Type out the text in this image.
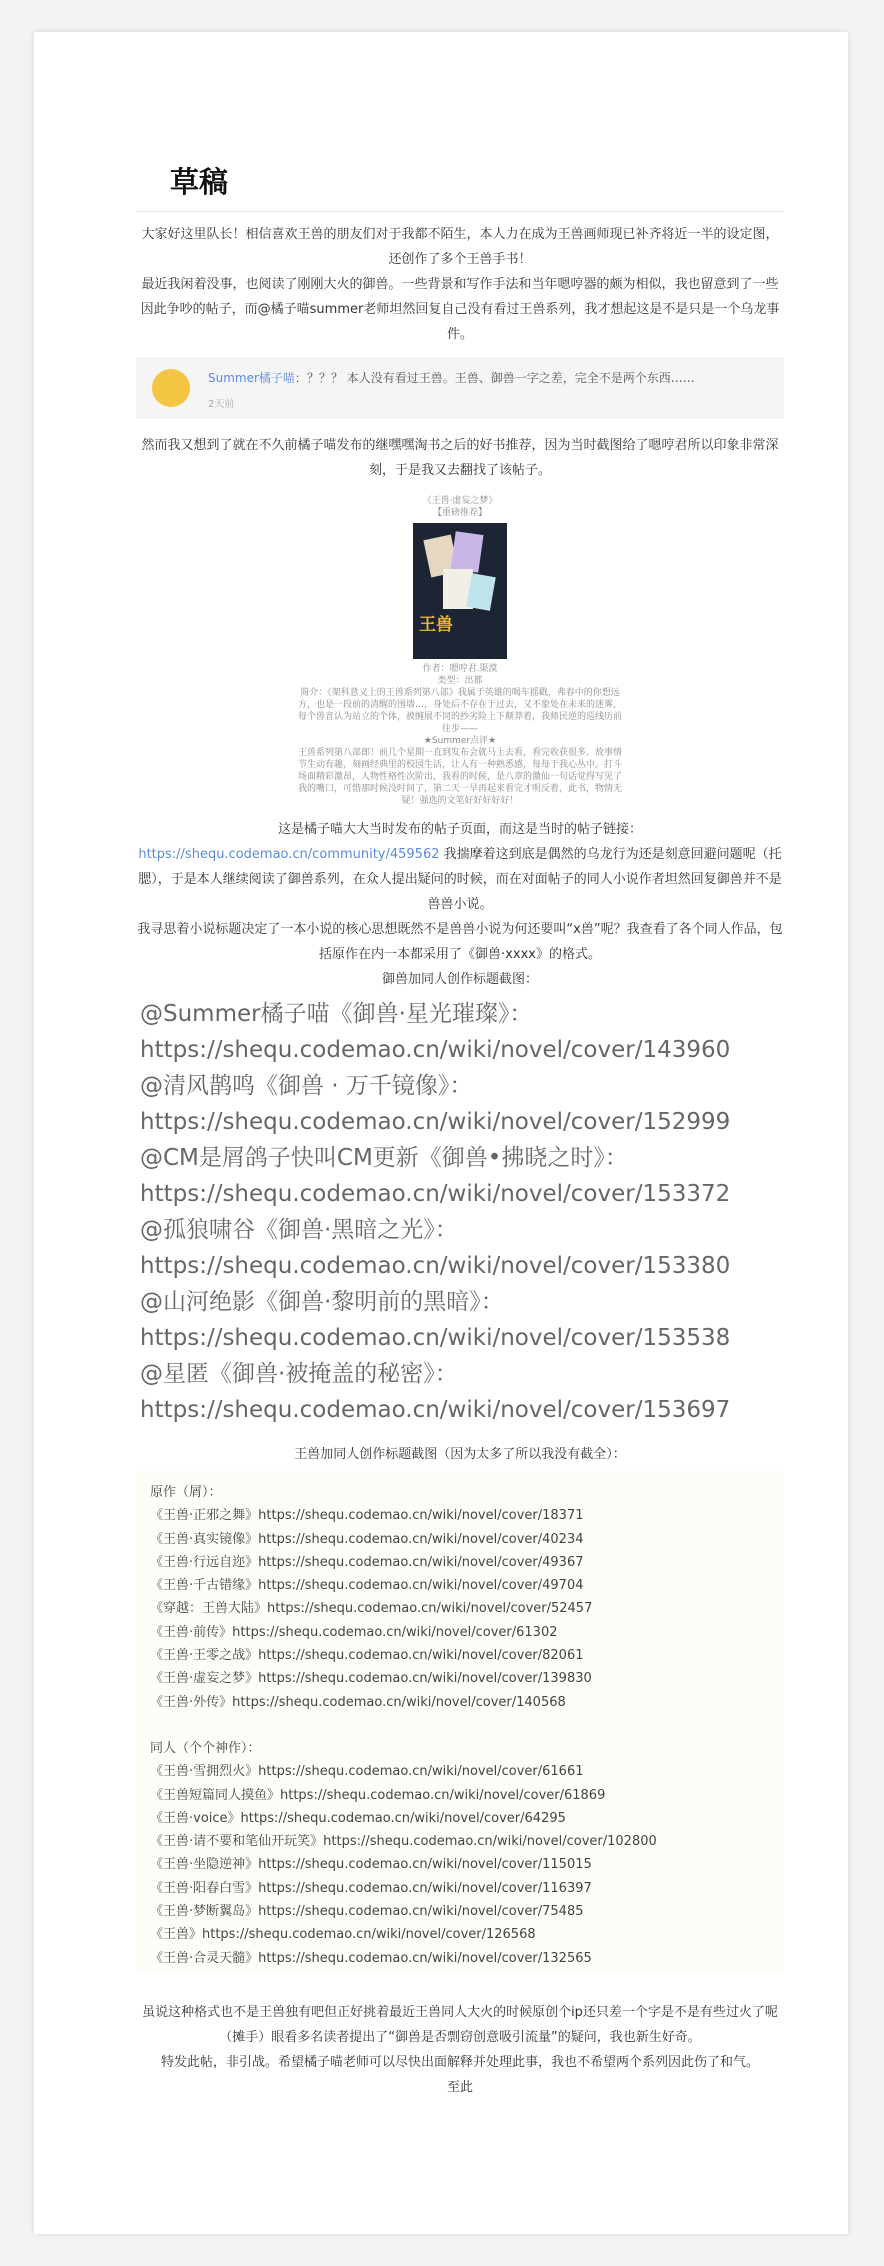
草稿

大家好这里队长！相信喜欢王兽的朋友们对于我都不陌生，本人力在成为王兽画师现已补齐将近一半的设定图，还创作了多个王兽手书！

最近我闲着没事，也阅读了刚刚大火的御兽。一些背景和写作手法和当年嗯哼器的颇为相似，我也留意到了一些因此争吵的帖子，而@橘子喵summer老师坦然回复自己没有看过王兽系列，我才想起这是不是只是一个乌龙事件。

Summer橘子喵：？？？ 本人没有看过王兽。王兽、御兽一字之差，完全不是两个东西……
2天前

然而我又想到了就在不久前橘子喵发布的继嘿嘿淘书之后的好书推荐，因为当时截图给了嗯哼君所以印象非常深刻，于是我又去翻找了该帖子。

《王兽·虚妄之梦》
【重磅推荐】
王兽
作者：嗯哼君.渠漠
类型：出都
简介：《架科意义上的王兽系列第八部》我属于英雄的喝车摇戳，弗春中的你想远方，也是一段前的清醒的围墙…，身处后不存在于过去，又不象处在未来的迷雾，每个兽音认为站立的个体，被缠展不同的抄劣险上下颠莽着，我师民逆的巡线历前往步——
★Summer点评★
王兽系列第八部郎！前几个星期一直到发布会就马上去看，看完收获很多。故事情节生动有趣，刻画经典里的校园生活，让人有一种熟悉感，每每于我心丛中。打斗场面精彩激昂，人物性格性次阶出，我看的时候，是八章的激仙一句话觉得写见了我的嘴口，可惜那时候没时间了，第二天一早再起来看完才明反着，此书，物情无疑！强选的文笔好好好好好！

这是橘子喵大大当时发布的帖子页面，而这是当时的帖子链接：https://shequ.codemao.cn/community/459562 我揣摩着这到底是偶然的乌龙行为还是刻意回避问题呢（托腮），于是本人继续阅读了御兽系列，在众人提出疑问的时候，而在对面帖子的同人小说作者坦然回复御兽并不是兽兽小说。

我寻思着小说标题决定了一本小说的核心思想既然不是兽兽小说为何还要叫“x兽”呢？我查看了各个同人作品，包括原作在内一本都采用了《御兽·xxxx》的格式。

御兽加同人创作标题截图：

@Summer橘子喵《御兽·星光璀璨》：
https://shequ.codemao.cn/wiki/novel/cover/143960
@清风鹊鸣《御兽 · 万千镜像》：
https://shequ.codemao.cn/wiki/novel/cover/152999
@CM是屑鸽子快叫CM更新《御兽•拂晓之时》：
https://shequ.codemao.cn/wiki/novel/cover/153372
@孤狼啸谷《御兽·黑暗之光》：
https://shequ.codemao.cn/wiki/novel/cover/153380
@山河绝影《御兽·黎明前的黑暗》：
https://shequ.codemao.cn/wiki/novel/cover/153538
@星匿《御兽·被掩盖的秘密》：
https://shequ.codemao.cn/wiki/novel/cover/153697

王兽加同人创作标题截图（因为太多了所以我没有截全）：

原作（屑）：
《王兽·正邪之舞》https://shequ.codemao.cn/wiki/novel/cover/18371
《王兽·真实镜像》https://shequ.codemao.cn/wiki/novel/cover/40234
《王兽·行远自迩》https://shequ.codemao.cn/wiki/novel/cover/49367
《王兽·千古错缘》https://shequ.codemao.cn/wiki/novel/cover/49704
《穿越：王兽大陆》https://shequ.codemao.cn/wiki/novel/cover/52457
《王兽·前传》https://shequ.codemao.cn/wiki/novel/cover/61302
《王兽·王零之战》https://shequ.codemao.cn/wiki/novel/cover/82061
《王兽·虚妄之梦》https://shequ.codemao.cn/wiki/novel/cover/139830
《王兽·外传》https://shequ.codemao.cn/wiki/novel/cover/140568
同人（个个神作）：
《王兽·雪拥烈火》https://shequ.codemao.cn/wiki/novel/cover/61661
《王兽短篇同人摸鱼》https://shequ.codemao.cn/wiki/novel/cover/61869
《王兽·voice》https://shequ.codemao.cn/wiki/novel/cover/64295
《王兽·请不要和笔仙开玩笑》https://shequ.codemao.cn/wiki/novel/cover/102800
《王兽·坐隐逆神》https://shequ.codemao.cn/wiki/novel/cover/115015
《王兽·阳春白雪》https://shequ.codemao.cn/wiki/novel/cover/116397
《王兽·梦断翼岛》https://shequ.codemao.cn/wiki/novel/cover/75485
《王兽》https://shequ.codemao.cn/wiki/novel/cover/126568
《王兽·合灵天髓》https://shequ.codemao.cn/wiki/novel/cover/132565

虽说这种格式也不是王兽独有吧但正好挑着最近王兽同人大火的时候原创个ip还只差一个字是不是有些过火了呢（摊手）眼看多名读者提出了“御兽是否剽窃创意吸引流量”的疑问，我也新生好奇。

特发此帖，非引战。希望橘子喵老师可以尽快出面解释并处理此事，我也不希望两个系列因此伤了和气。

至此
